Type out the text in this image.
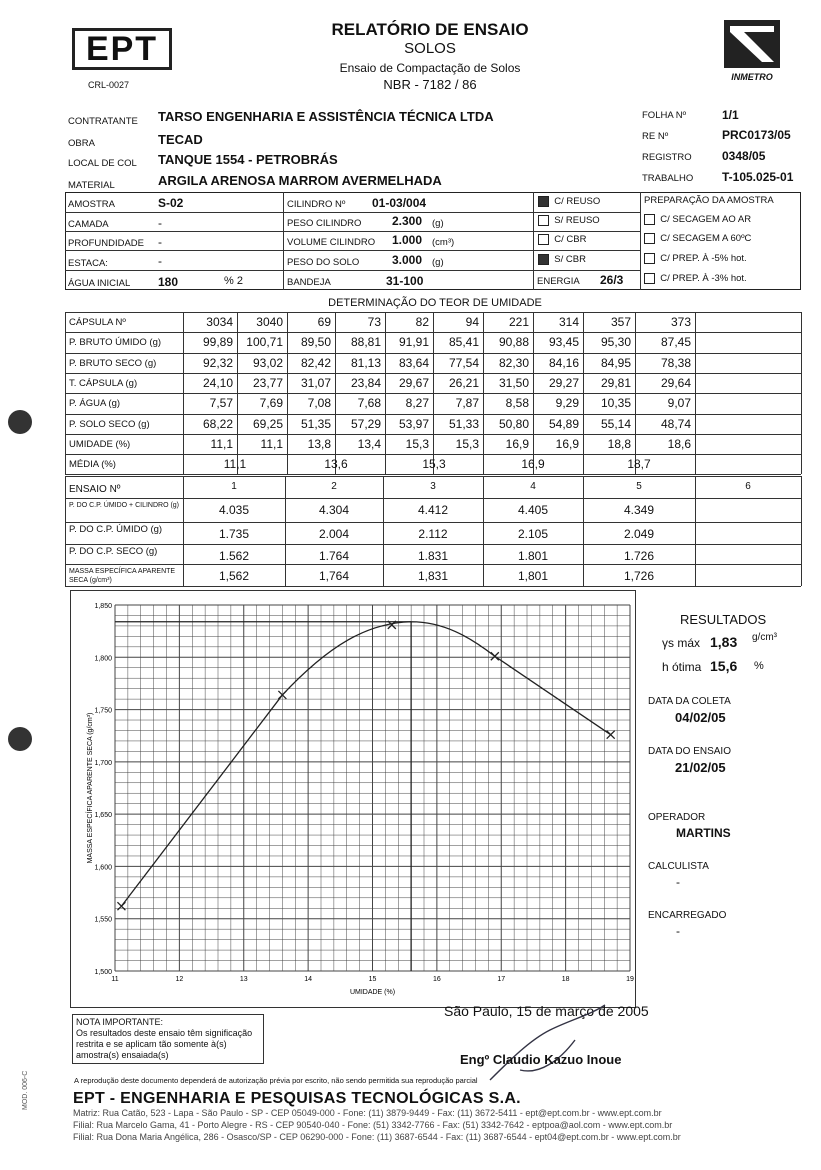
EPT
CRL-0027
RELATÓRIO DE ENSAIO
SOLOS
Ensaio de Compactação de Solos
NBR - 7182 / 86	INMETRO
CONTRATANTE TARSO ENGENHARIA E ASSISTÊNCIA TÉCNICA LTDA
OBRA	TECAD
LOCAL DE COL TANQUE 1554 - PETROBRÁS
MATERIAL	ARGILA ARENOSA MARROM AVERMELHADA
FOLHA Nº	1/1
RE Nº	PRC0173/05
REGISTRO	0348/05
TRABALHO T-105.025-01
AMOSTRA	S-02
CAMADA	-
PROFUNDIDADE -
ESTACA:	-
ÁGUA INICIAL 180	% 2
CILINDRO Nº 01-03/004
PESO CILINDRO	2.300 (g)
VOLUME CILINDRO 1.000 (cm³)
PESO DO SOLO	3.000 (g)
BANDEJA	31-100
C/ REUSO
S/ REUSO
C/ CBR
S/ CBR
ENERGIA 26/3
PREPARAÇÃO DA AMOSTRA
C/ SECAGEM AO AR
C/ SECAGEM A 60ºC
C/ PREP. À -5% hot.
C/ PREP. À -3% hot.
DETERMINAÇÃO DO TEOR DE UMIDADE
CÁPSULA Nº	3034	3040	69	73	82	94	221	314	357	373
P. BRUTO ÚMIDO (g)	99,89	100,71	89,50	88,81	91,91	85,41	90,88	93,45	95,30	87,45
P. BRUTO SECO (g)	92,32	93,02	82,42	81,13	83,64	77,54	82,30	84,16	84,95	78,38
T. CÁPSULA (g)	24,10	23,77	31,07	23,84	29,67	26,21	31,50	29,27	29,81	29,64
P. ÁGUA (g)	7,57	7,69	7,08	7,68	8,27	7,87	8,58	9,29	10,35	9,07
P. SOLO SECO (g)	68,22	69,25	51,35	57,29	53,97	51,33	50,80	54,89	55,14	48,74
UMIDADE (%)	11,1	11,1	13,8	13,4	15,3	15,3	16,9	16,9	18,8	18,6
MÉDIA (%)	11,1	13,6	15,3	16,9	18,7
ENSAIO Nº	1	2	3	4	5	6
P. DO C.P. ÚMIDO + CILINDRO (g)	4.035	4.304	4.412	4.405	4.349
P. DO C.P. ÚMIDO (g)	1.735	2.004	2.112	2.105	2.049
P. DO C.P. SECO (g)	1.562	1.764	1.831	1.801	1.726
MASSA ESPECÍFICA APARENTE SECA (g/cm³)	1,562	1,764	1,831	1,801	1,726
11	12	13	14	15	16	17	18	19
1,500
1,550
1,600
1,650
1,700
1,750
1,800
1,850
UMIDADE (%)
MASSA ESPECÍFICA APARENTE SECA (g/cm³)
RESULTADOS
γs máx 1,83 g/cm³
h ótima 15,6 %
DATA DA COLETA
04/02/05
DATA DO ENSAIO
21/02/05
OPERADOR
MARTINS
CALCULISTA
-
ENCARREGADO
-
NOTA IMPORTANTE:
Os resultados deste ensaio têm significação restrita e se aplicam tão somente à(s) amostra(s) ensaiada(s)
São Paulo, 15 de março de 2005
Engº Claudio Kazuo Inoue
A reprodução deste documento dependerá de autorização prévia por escrito, não sendo permitida sua reprodução parcial
EPT - ENGENHARIA E PESQUISAS TECNOLÓGICAS S.A.
Matriz: Rua Catão, 523 - Lapa - São Paulo - SP - CEP 05049-000 - Fone: (11) 3879-9449 - Fax: (11) 3672-5411 - ept@ept.com.br - www.ept.com.br
Filial: Rua Marcelo Gama, 41 - Porto Alegre - RS - CEP 90540-040 - Fone: (51) 3342-7766 - Fax: (51) 3342-7642 - eptpoa@aol.com - www.ept.com.br
Filial: Rua Dona Maria Angélica, 286 - Osasco/SP - CEP 06290-000 - Fone: (11) 3687-6544 - Fax: (11) 3687-6544 - ept04@ept.com.br - www.ept.com.br
MOD. 006-C
